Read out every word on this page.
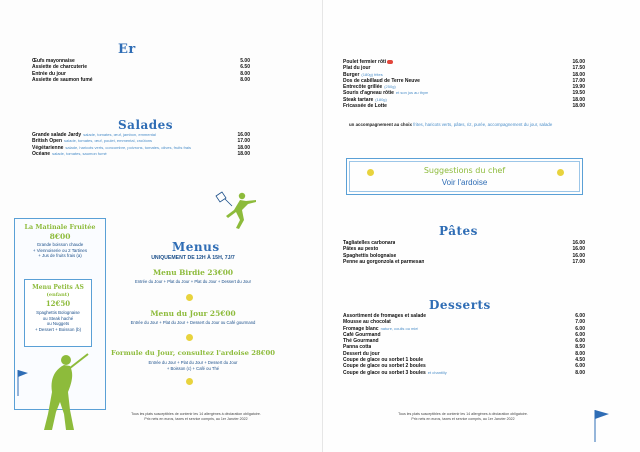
Er
Œufs mayonnaise	5.00
Assiette de charcuterie	6.50
Entrée du jour	8.00
Assiette de saumon fumé	8.00
Salades
Grande salade Jardy salade, tomates, œuf, jambon, emmental	16.00
British Open salade, tomates, œuf, poulet, emmental, croûtons	17.00
Végétarienne salade, haricots verts, concombre, poivrons, tomates, olives, fruits frais	18.00
Océane salade, tomates, saumon fumé	18.00
La Matinale Fruitée
8€00
Grande boisson chaude
+ Viennoiserie ou 2 Tartines
+ Jus de fruits frais (a)
Menu Petits AS
(enfant)
12€50
Spaghettis Bolognaise
ou Steak haché
ou Nuggets
+ Dessert + Boisson (b)
Menus
UNIQUEMENT DE 12H À 15H, 7J/7
Menu Birdie 23€00
Entrée du Jour + Plat du Jour + Plat du Jour + Dessert du Jour
Menu du Jour 25€00
Entrée du Jour + Plat du Jour + Dessert du Jour ou Café gourmand
Formule du Jour, consultez l'ardoise 28€00
Entrée du Jour + Plat du Jour + Dessert du Jour
+ Boisson (c) + Café ou Thé
Tous les plats susceptibles de contenir les 14 allergènes à déclaration obligatoire.
Prix nets en euros, taxes et service compris, au 1er Janvier 2022
Poulet fermier rôti	16.00
Plat du jour	17.50
Burger (180g) frites	18.00
Dos de cabillaud de Terre Neuve	17.00
Entrecôte grillée (250g)	19.90
Souris d'agneau rôtie et son jus au thym	19.50
Steak tartare (180g)	18.00
Fricassée de Lotte	18.00
un accompagnement au choix frites, haricots verts, pâtes, riz, purée, accompagnement du jour, salade
Suggestions du chef
Voir l'ardoise
Pâtes
Tagliatelles carbonara	16.00
Pâtes au pesto	16.00
Spaghettis bolognaise	16.00
Penne au gorgonzola et parmesan	17.00
Desserts
Assortiment de fromages et salade	6.00
Mousse au chocolat	7.00
Fromage blanc nature, coulis ou miel	6.00
Café Gourmand	6.00
Thé Gourmand	6.00
Panna cotta	8.50
Dessert du jour	8.00
Coupe de glace ou sorbet 1 boule	4.50
Coupe de glace ou sorbet 2 boules	6.00
Coupe de glace ou sorbet 3 boules et chantilly	8.00
Tous les plats susceptibles de contenir les 14 allergènes à déclaration obligatoire.
Prix nets en euros, taxes et service compris, au 1er Janvier 2022
